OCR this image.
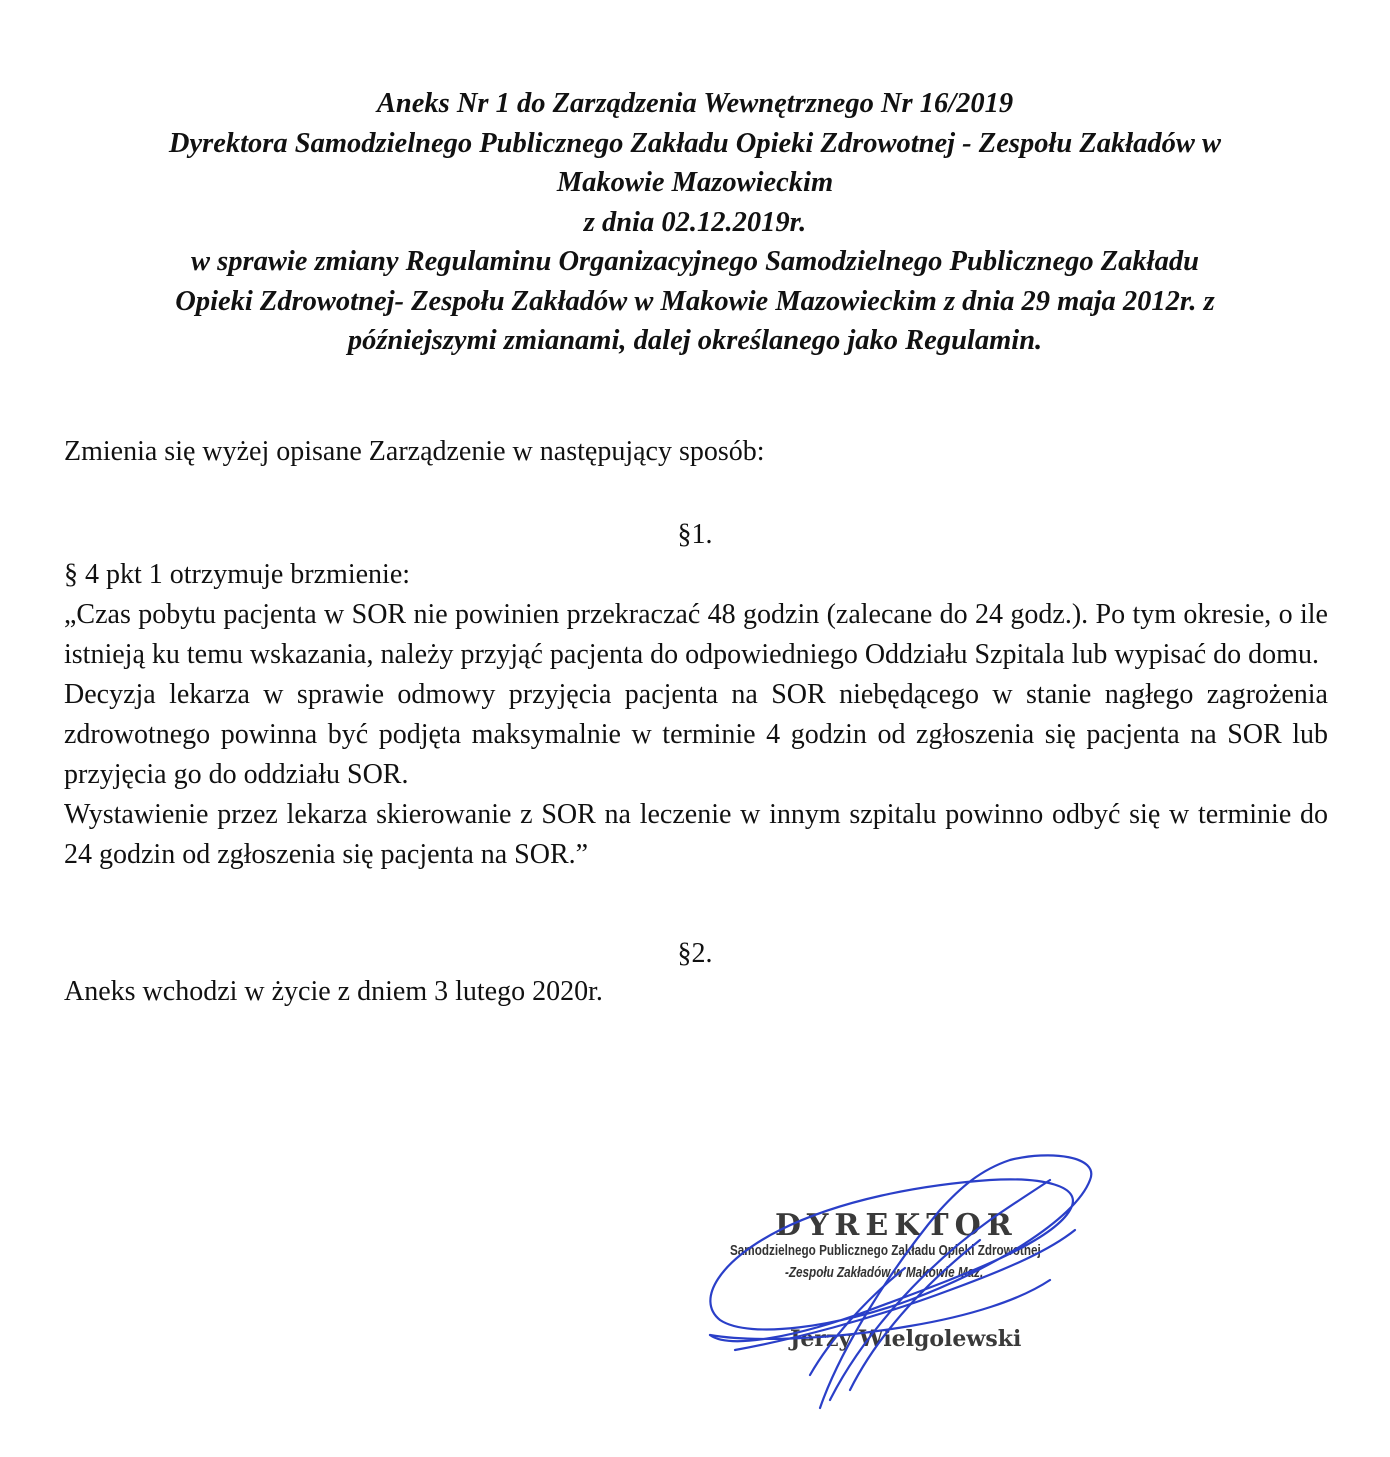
Aneks Nr 1 do Zarządzenia Wewnętrznego Nr 16/2019
Dyrektora Samodzielnego Publicznego Zakładu Opieki Zdrowotnej - Zespołu Zakładów w
Makowie Mazowieckim
z dnia 02.12.2019r.
w sprawie zmiany Regulaminu Organizacyjnego Samodzielnego Publicznego Zakładu
Opieki Zdrowotnej- Zespołu Zakładów w Makowie Mazowieckim z dnia 29 maja 2012r. z
późniejszymi zmianami, dalej określanego jako Regulamin.
Zmienia się wyżej opisane Zarządzenie w następujący sposób:
§1.

§ 4 pkt 1 otrzymuje brzmienie:

„Czas pobytu pacjenta w SOR nie powinien przekraczać 48 godzin (zalecane do 24 godz.). Po tym okresie, o ile istnieją ku temu wskazania, należy przyjąć pacjenta do odpowiedniego Oddziału Szpitala lub wypisać do domu.

Decyzja lekarza w sprawie odmowy przyjęcia pacjenta na SOR niebędącego w stanie nagłego zagrożenia zdrowotnego powinna być podjęta maksymalnie w terminie 4 godzin od zgłoszenia się pacjenta na SOR lub przyjęcia go do oddziału SOR.

Wystawienie przez lekarza skierowanie z SOR na leczenie w innym szpitalu powinno odbyć się w terminie do 24 godzin od zgłoszenia się pacjenta na SOR.”

§2.

Aneks wchodzi w życie z dniem 3 lutego 2020r.

DYREKTOR
Samodzielnego Publicznego Zakładu Opieki Zdrowotnej
-Zespołu Zakładów w Makowie Maz.
Jerzy Wielgolewski
